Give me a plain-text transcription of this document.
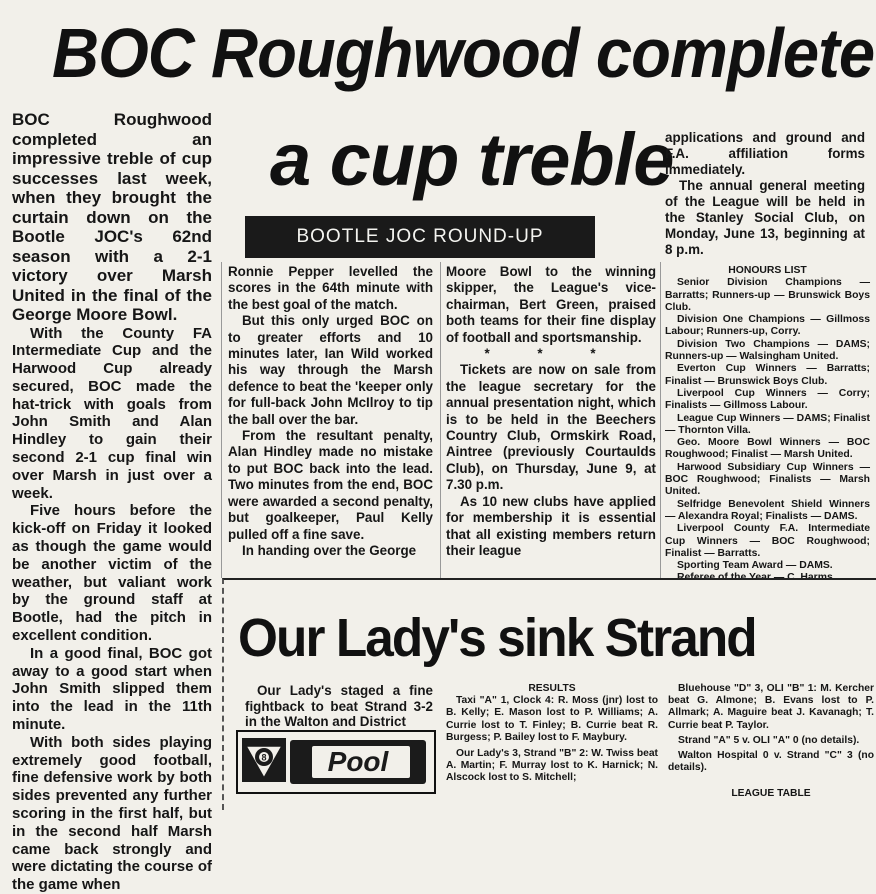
BOC Roughwood complete
a cup treble
BOOTLE JOC ROUND-UP

BOC Roughwood completed an impressive treble of cup successes last week, when they brought the curtain down on the Bootle JOC's 62nd season with a 2-1 victory over Marsh United in the final of the George Moore Bowl.

With the County FA Intermediate Cup and the Harwood Cup already secured, BOC made the hat-trick with goals from John Smith and Alan Hindley to gain their second 2-1 cup final win over Marsh in just over a week.

Five hours before the kick-off on Friday it looked as though the game would be another victim of the weather, but valiant work by the ground staff at Bootle, had the pitch in excellent condition.

In a good final, BOC got away to a good start when John Smith slipped them into the lead in the 11th minute.

With both sides playing extremely good football, fine defensive work by both sides prevented any further scoring in the first half, but in the second half Marsh came back strongly and were dictating the course of the game when

Ronnie Pepper levelled the scores in the 64th minute with the best goal of the match.

But this only urged BOC on to greater efforts and 10 minutes later, Ian Wild worked his way through the Marsh defence to beat the 'keeper only for full-back John McIlroy to tip the ball over the bar.

From the resultant penalty, Alan Hindley made no mistake to put BOC back into the lead. Two minutes from the end, BOC were awarded a second penalty, but goalkeeper, Paul Kelly pulled off a fine save.

In handing over the George

Moore Bowl to the winning skipper, the League's vice-chairman, Bert Green, praised both teams for their fine display of football and sportsmanship.

* * *

Tickets are now on sale from the league secretary for the annual presentation night, which is to be held in the Beechers Country Club, Ormskirk Road, Aintree (previously Courtaulds Club), on Thursday, June 9, at 7.30 p.m.

As 10 new clubs have applied for membership it is essential that all existing members return their league

applications and ground and F.A. affiliation forms immediately.

The annual general meeting of the League will be held in the Stanley Social Club, on Monday, June 13, beginning at 8 p.m.

HONOURS LIST

Senior Division Champions — Barratts; Runners-up — Brunswick Boys Club.

Division One Champions — Gillmoss Labour; Runners-up, Corry.

Division Two Champions — DAMS; Runners-up — Walsingham United.

Everton Cup Winners — Barratts; Finalist — Brunswick Boys Club.

Liverpool Cup Winners — Corry; Finalists — Gillmoss Labour.

League Cup Winners — DAMS; Finalist — Thornton Villa.

Geo. Moore Bowl Winners — BOC Roughwood; Finalist — Marsh United.

Harwood Subsidiary Cup Winners — BOC Roughwood; Finalists — Marsh United.

Selfridge Benevolent Shield Winners — Alexandra Royal; Finalists — DAMS.

Liverpool County F.A. Intermediate Cup Winners — BOC Roughwood; Finalist — Barratts.

Sporting Team Award — DAMS.

Referee of the Year — C. Harms.

Our Lady's sink Strand

Our Lady's staged a fine fightback to beat Strand 3-2 in the Walton and District

8	Pool

RESULTS

Taxi "A" 1, Clock 4: R. Moss (jnr) lost to B. Kelly; E. Mason lost to P. Williams; A. Currie lost to T. Finley; B. Currie beat R. Burgess; P. Bailey lost to F. Maybury.

Our Lady's 3, Strand "B" 2: W. Twiss beat A. Martin; F. Murray lost to K. Harnick; N. Alscock lost to S. Mitchell;

Bluehouse "D" 3, OLI "B" 1: M. Kercher beat G. Almone; B. Evans lost to P. Allmark; A. Maguire beat J. Kavanagh; T. Currie beat P. Taylor.

Strand "A" 5 v. OLI "A" 0 (no details).

Walton Hospital 0 v. Strand "C" 3 (no details).

LEAGUE TABLE
